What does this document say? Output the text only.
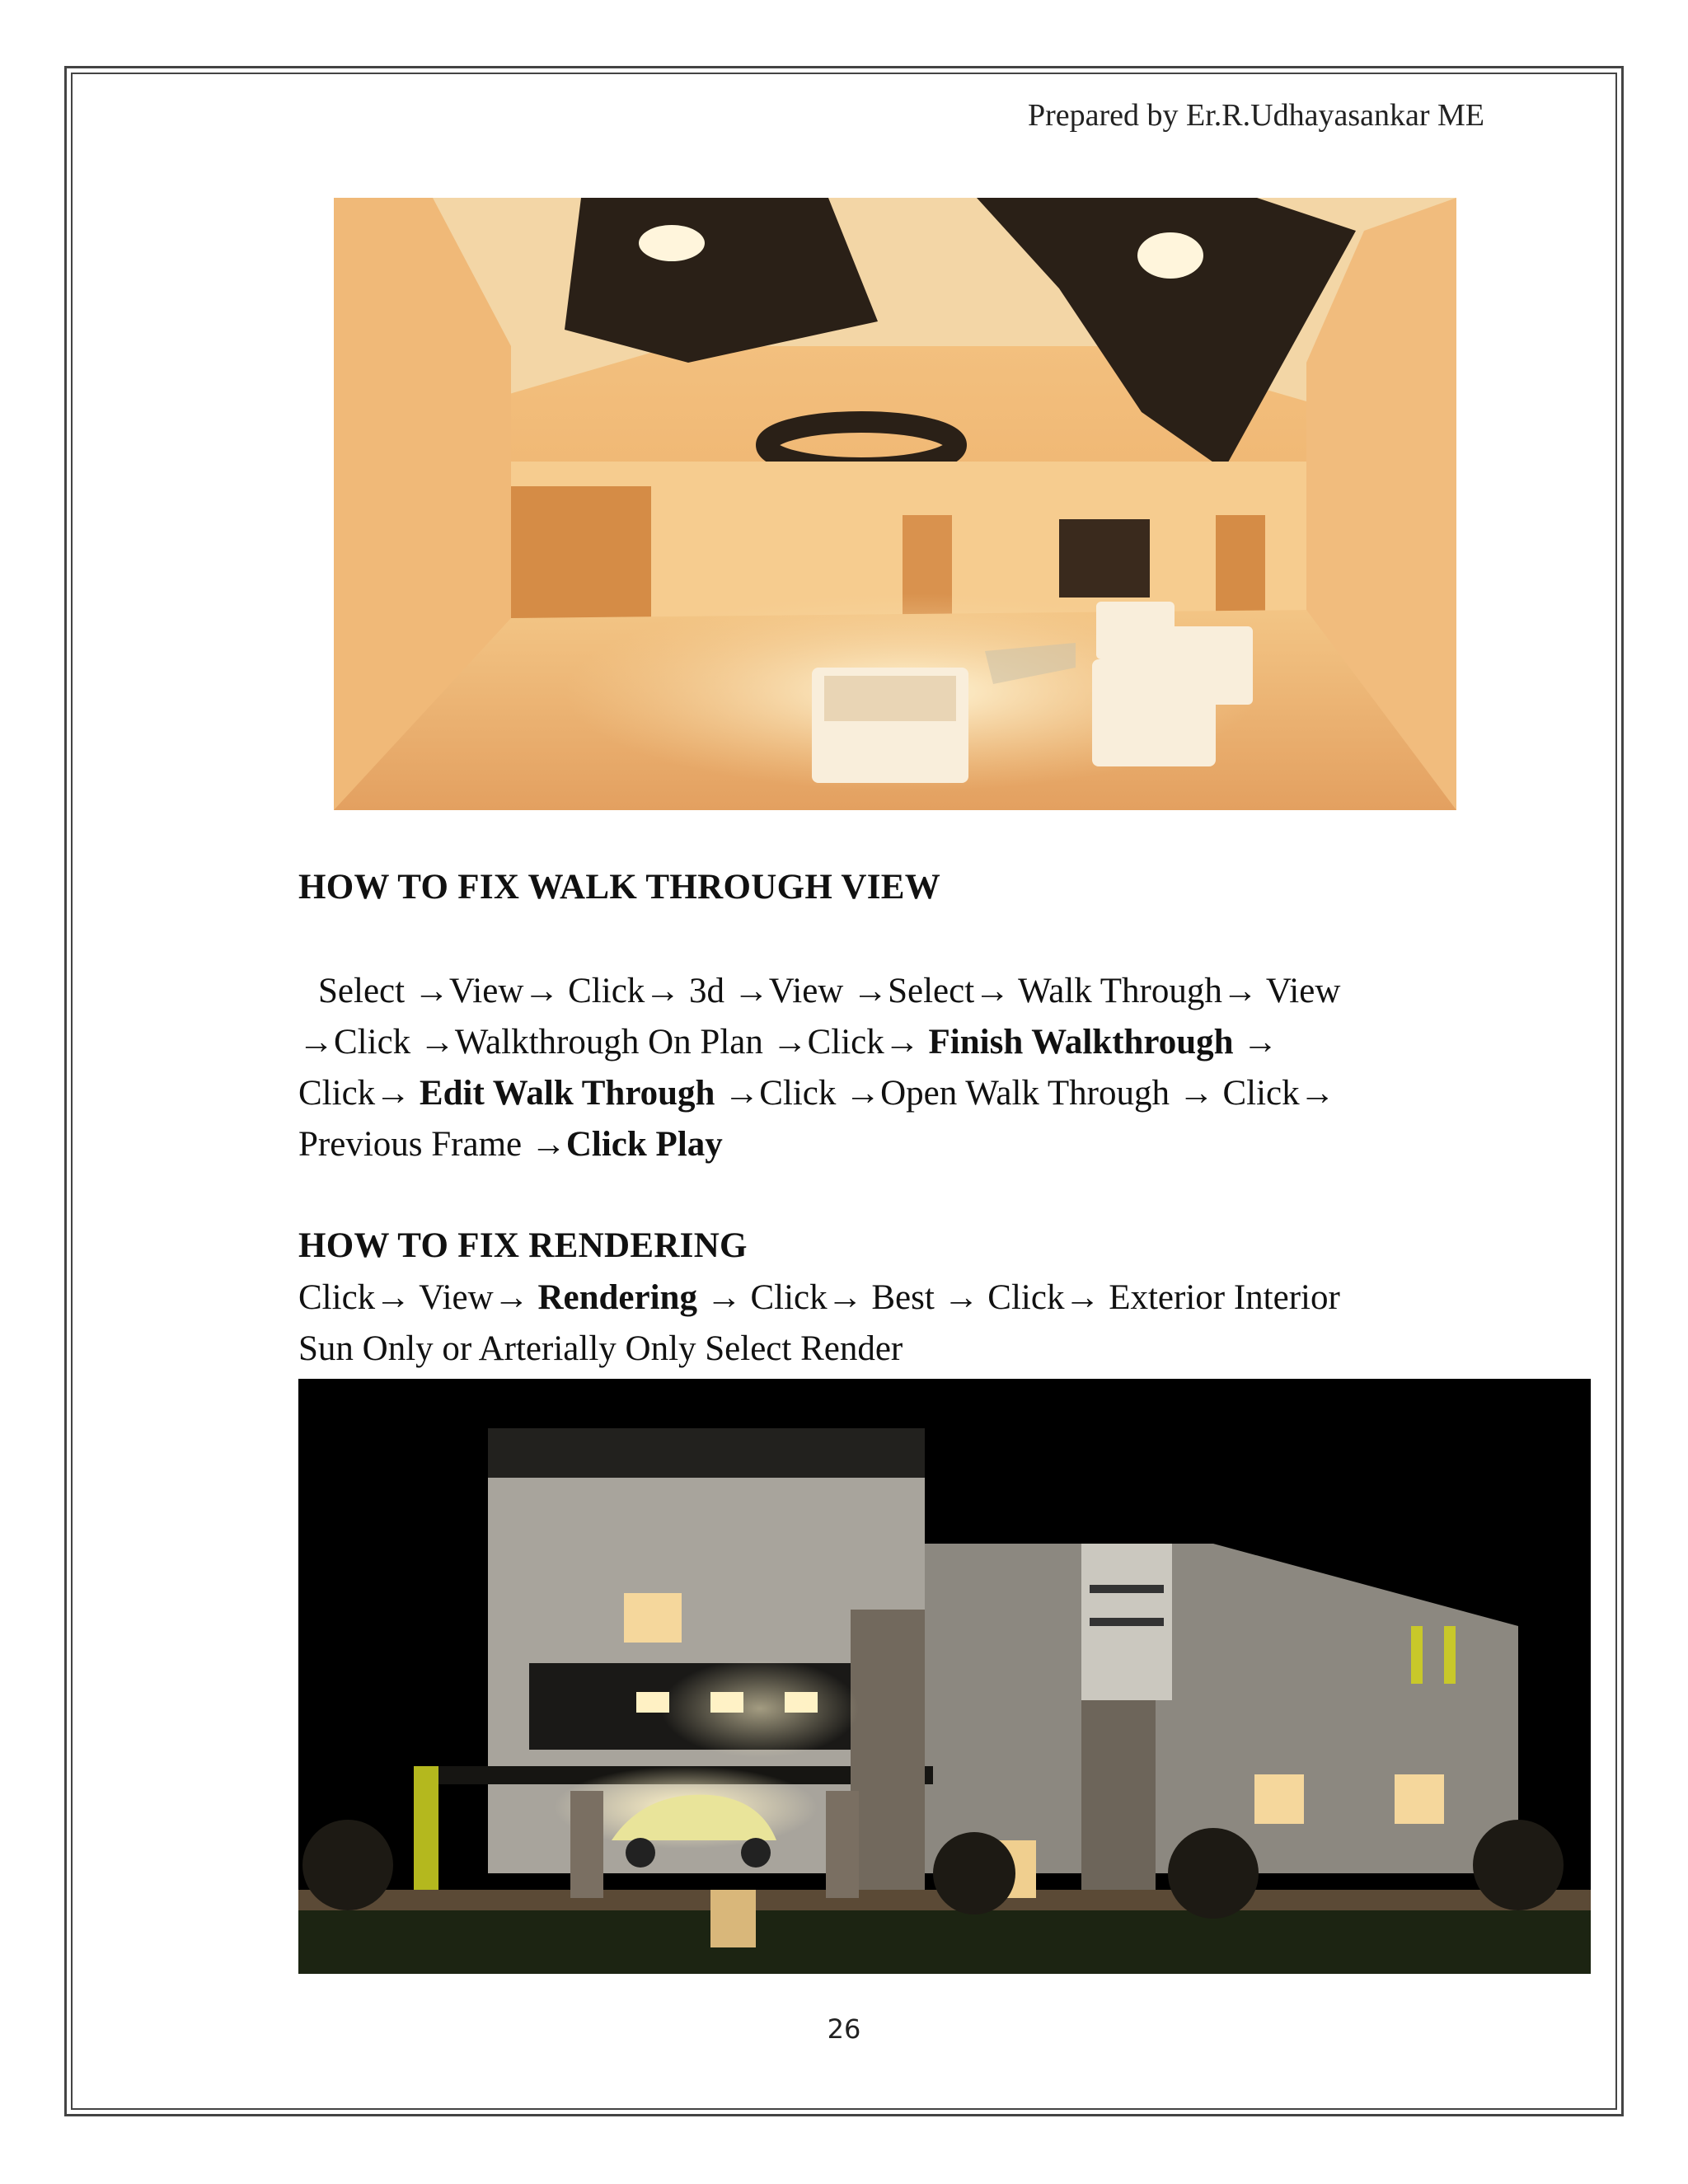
Prepared by Er.R.Udhayasankar ME
HOW TO FIX WALK THROUGH VIEW
Select →View→ Click→ 3d →View →Select→ Walk Through→ View
→Click →Walkthrough On Plan →Click→ Finish Walkthrough →
Click→ Edit Walk Through →Click →Open Walk Through → Click→
Previous Frame →Click Play
HOW TO FIX RENDERING
Click→ View→ Rendering → Click→ Best → Click→ Exterior Interior
Sun Only or Arterially Only Select Render
26
